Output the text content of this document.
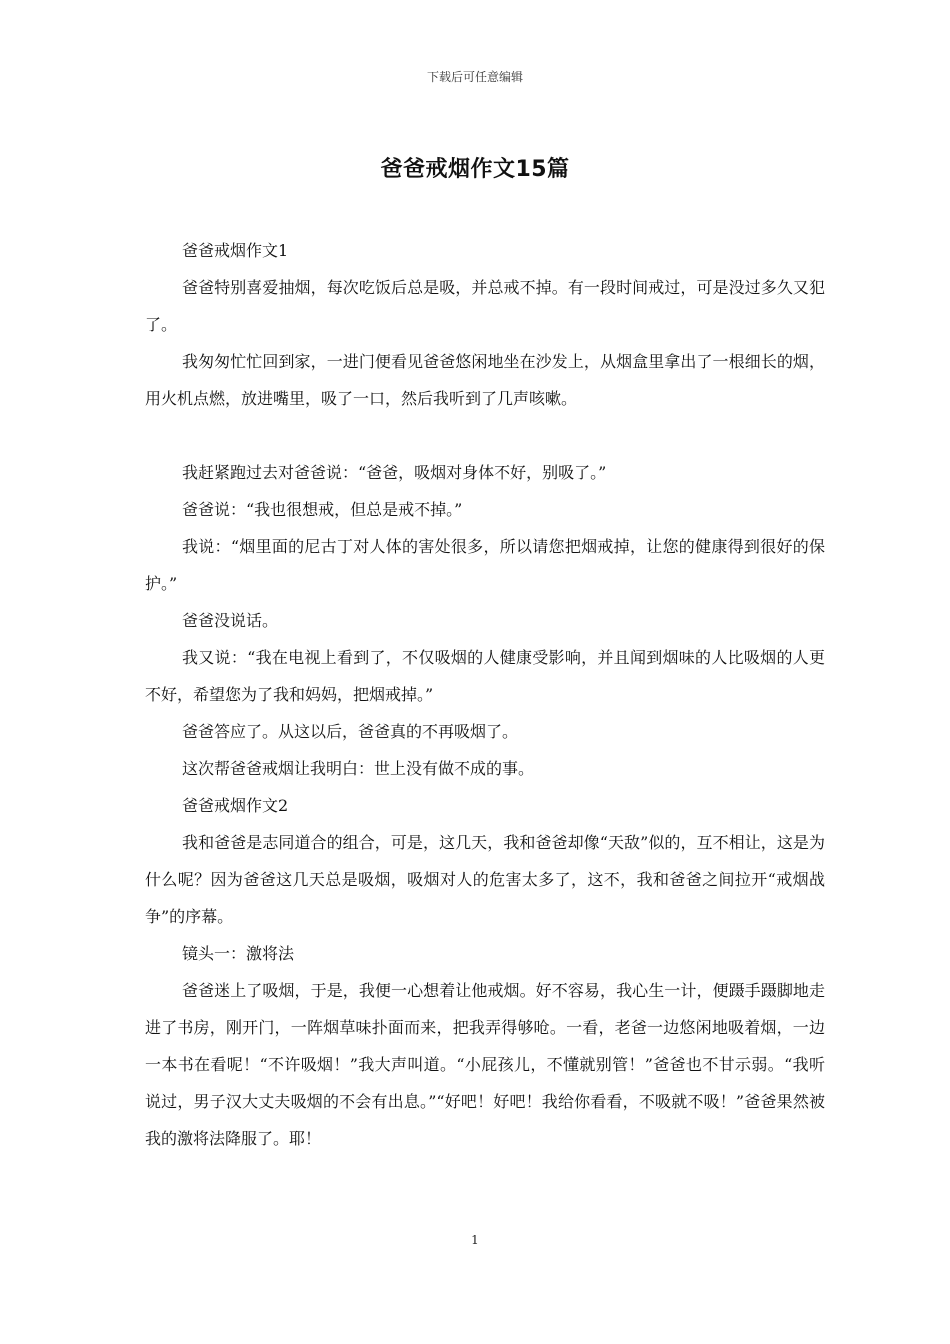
下载后可任意编辑
爸爸戒烟作文15篇

爸爸戒烟作文1

爸爸特别喜爱抽烟，每次吃饭后总是吸，并总戒不掉。有一段时间戒过，可是没过多久又犯了。

我匆匆忙忙回到家，一进门便看见爸爸悠闲地坐在沙发上，从烟盒里拿出了一根细长的烟，用火机点燃，放进嘴里，吸了一口，然后我听到了几声咳嗽。

我赶紧跑过去对爸爸说：“爸爸，吸烟对身体不好，别吸了。”

爸爸说：“我也很想戒，但总是戒不掉。”

我说：“烟里面的尼古丁对人体的害处很多，所以请您把烟戒掉，让您的健康得到很好的保护。”

爸爸没说话。

我又说：“我在电视上看到了，不仅吸烟的人健康受影响，并且闻到烟味的人比吸烟的人更不好，希望您为了我和妈妈，把烟戒掉。”

爸爸答应了。从这以后，爸爸真的不再吸烟了。

这次帮爸爸戒烟让我明白：世上没有做不成的事。

爸爸戒烟作文2

我和爸爸是志同道合的组合，可是，这几天，我和爸爸却像“天敌”似的，互不相让，这是为什么呢？因为爸爸这几天总是吸烟，吸烟对人的危害太多了，这不，我和爸爸之间拉开“戒烟战争”的序幕。

镜头一：激将法

爸爸迷上了吸烟，于是，我便一心想着让他戒烟。好不容易，我心生一计，便蹑手蹑脚地走进了书房，刚开门，一阵烟草味扑面而来，把我弄得够呛。一看，老爸一边悠闲地吸着烟，一边一本书在看呢！“不许吸烟！”我大声叫道。“小屁孩儿，不懂就别管！”爸爸也不甘示弱。“我听说过，男子汉大丈夫吸烟的不会有出息。”“好吧！好吧！我给你看看，不吸就不吸！”爸爸果然被我的激将法降服了。耶！

1
